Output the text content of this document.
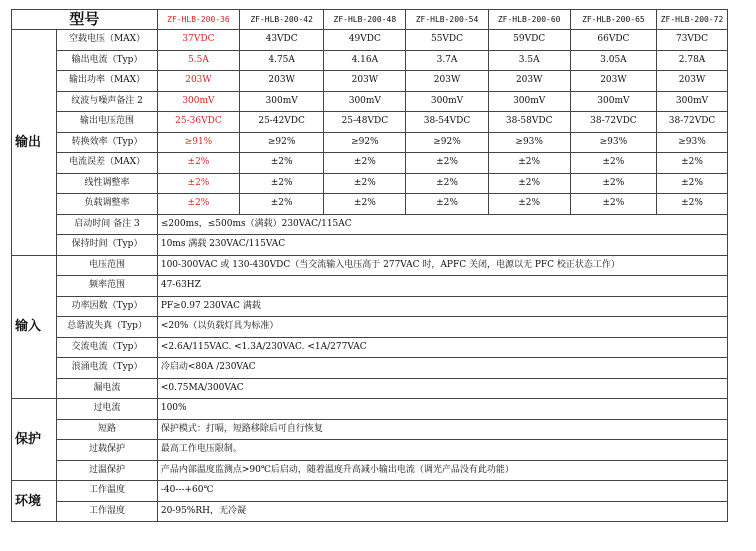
型号		ZF-HLB-200-36	ZF-HLB-200-42	ZF-HLB-200-48	ZF-HLB-200-54	ZF-HLB-200-60	ZF-HLB-200-65	ZF-HLB-200-72
输出	空载电压（MAX）	37VDC	43VDC	49VDC	55VDC	59VDC	66VDC	73VDC
	输出电流（Typ）	5.5A	4.75A	4.16A	3.7A	3.5A	3.05A	2.78A
	输出功率（MAX）	203W	203W	203W	203W	203W	203W	203W
	纹波与噪声备注 2	300mV	300mV	300mV	300mV	300mV	300mV	300mV
	输出电压范围	25-36VDC	25-42VDC	25-48VDC	38-54VDC	38-58VDC	38-72VDC	38-72VDC
	转换效率（Typ）	≥91%	≥92%	≥92%	≥92%	≥93%	≥93%	≥93%
	电流误差（MAX）	±2%	±2%	±2%	±2%	±2%	±2%	±2%
	线性调整率	±2%	±2%	±2%	±2%	±2%	±2%	±2%
	负载调整率	±2%	±2%	±2%	±2%	±2%	±2%	±2%
	启动时间 备注 3	≤200ms，≤500ms（满载）230VAC/115AC						
	保持时间（Typ）	10ms 满载 230VAC/115VAC						
输入	电压范围	100-300VAC 或 130-430VDC（当交流输入电压高于 277VAC 时，APFC 关闭，电源以无 PFC 校正状态工作）						
	频率范围	47-63HZ						
	功率因数（Typ）	PF≥0.97 230VAC 满载						
	总谐波失真（Typ）	<20%（以负载灯具为标准）						
	交流电流（Typ）	<2.6A/115VAC. <1.3A/230VAC. <1A/277VAC						
	浪涌电流（Typ）	冷启动<80A /230VAC						
	漏电流	<0.75MA/300VAC						
保护	过电流	100%						
	短路	保护模式：打嗝，短路移除后可自行恢复						
	过载保护	最高工作电压限制。						
	过温保护	产品内部温度监测点>90℃后启动，随着温度升高减小输出电流（调光产品没有此功能）						
环境	工作温度	-40---+60℃						
	工作湿度	20-95%RH，无冷凝						
